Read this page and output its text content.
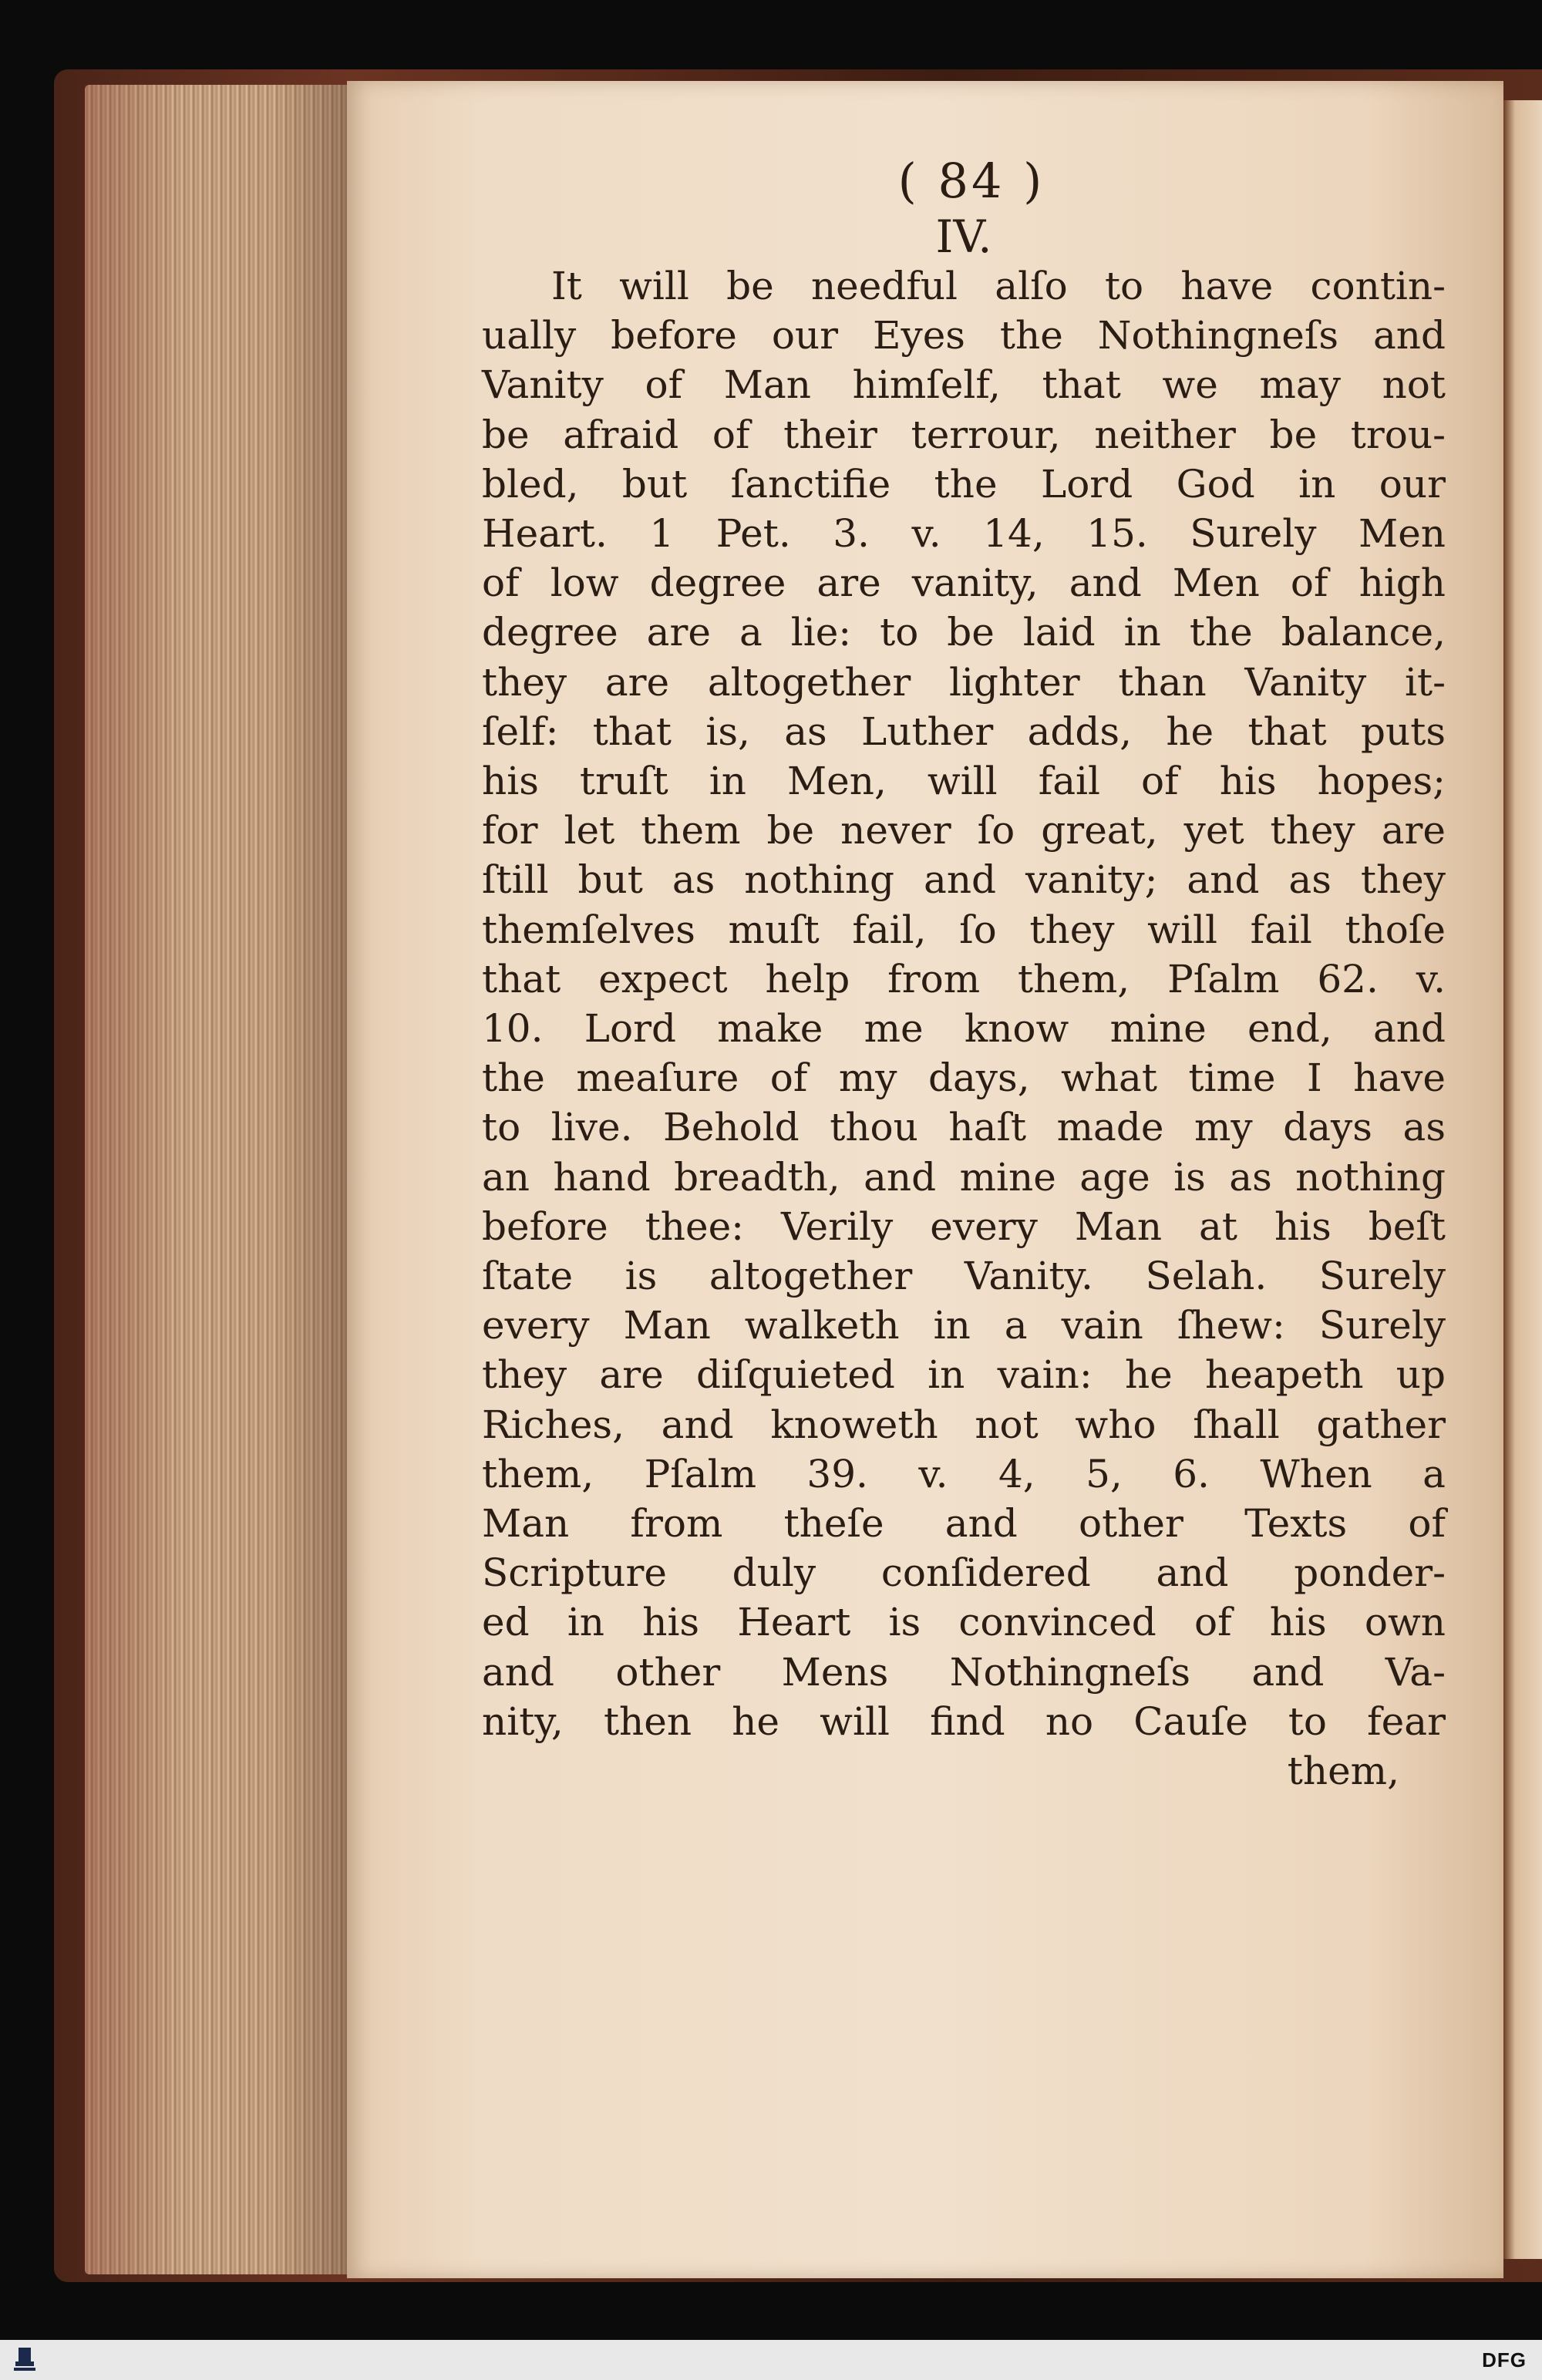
( 84 )
IV.
It will be needful alſo to have contin-
ually before our Eyes the Nothingneſs and
Vanity of Man himſelf, that we may not
be afraid of their terrour, neither be trou-
bled, but ſanctifie the Lord God in our
Heart. 1 Pet. 3. v. 14, 15. Surely Men
of low degree are vanity, and Men of high
degree are a lie: to be laid in the balance,
they are altogether lighter than Vanity it-
ſelf: that is, as Luther adds, he that puts
his truſt in Men, will fail of his hopes;
for let them be never ſo great, yet they are
ſtill but as nothing and vanity; and as they
themſelves muſt fail, ſo they will fail thoſe
that expect help from them, Pſalm 62. v.
10. Lord make me know mine end, and
the meaſure of my days, what time I have
to live. Behold thou haſt made my days as
an hand breadth, and mine age is as nothing
before thee: Verily every Man at his beſt
ſtate is altogether Vanity. Selah. Surely
every Man walketh in a vain ſhew: Surely
they are diſquieted in vain: he heapeth up
Riches, and knoweth not who ſhall gather
them, Pſalm 39. v. 4, 5, 6. When a
Man from theſe and other Texts of
Scripture duly conſidered and ponder-
ed in his Heart is convinced of his own
and other Mens Nothingneſs and Va-
nity, then he will find no Cauſe to fear
them,
DFG
